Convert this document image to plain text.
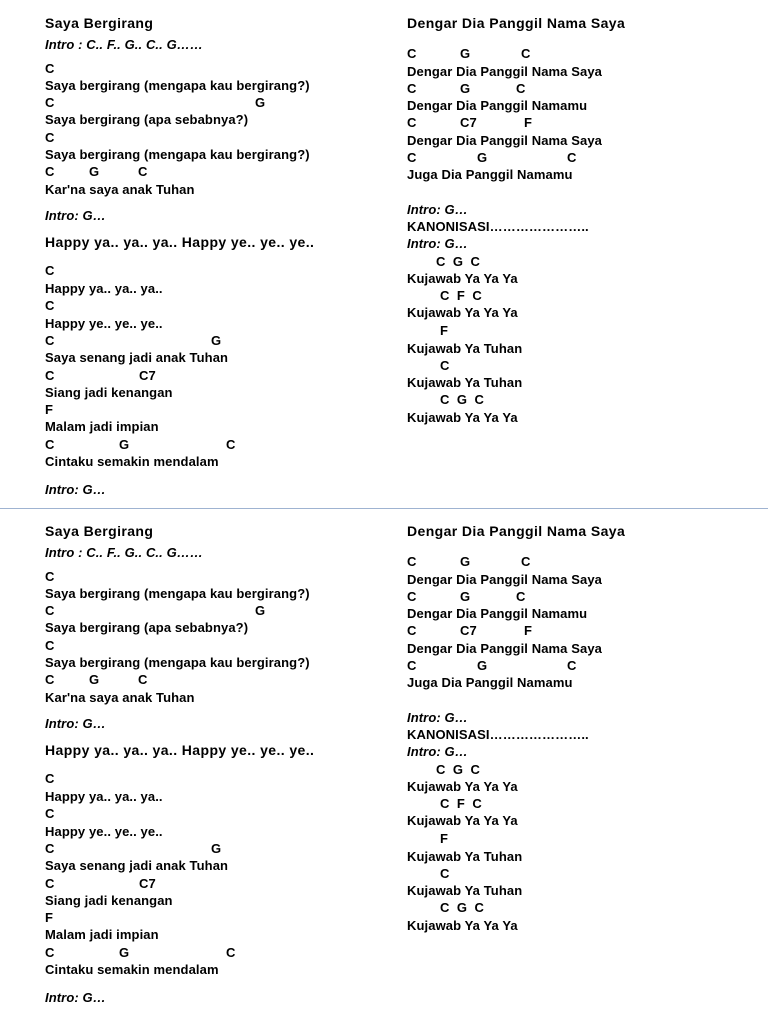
Saya Bergirang
Intro : C.. F.. G.. C.. G……
C
Saya bergirang (mengapa kau bergirang?)
C	G
Saya bergirang (apa sebabnya?)
C
Saya bergirang (mengapa kau bergirang?)
C	G	C
Kar'na saya anak Tuhan
Intro: G…
Happy ya.. ya.. ya.. Happy ye.. ye.. ye..
C
Happy ya.. ya.. ya..
C
Happy ye.. ye.. ye..
C	G
Saya senang jadi anak Tuhan
C	C7
Siang jadi kenangan
F
Malam jadi impian
C	G	C
Cintaku semakin mendalam
Intro: G…
Dengar Dia Panggil Nama Saya
C	G	C
Dengar Dia Panggil Nama Saya
C	G	C
Dengar Dia Panggil Namamu
C	C7	F
Dengar Dia Panggil Nama Saya
C	G	C
Juga Dia Panggil Namamu
Intro: G…
KANONISASI…………………..
Intro: G…
C  G  C
Kujawab Ya Ya Ya
C  F  C
Kujawab Ya Ya Ya
F
Kujawab Ya Tuhan
C
Kujawab Ya Tuhan
C  G  C
Kujawab Ya Ya Ya
Saya Bergirang
Intro : C.. F.. G.. C.. G……
C
Saya bergirang (mengapa kau bergirang?)
C	G
Saya bergirang (apa sebabnya?)
C
Saya bergirang (mengapa kau bergirang?)
C	G	C
Kar'na saya anak Tuhan
Intro: G…
Happy ya.. ya.. ya.. Happy ye.. ye.. ye..
C
Happy ya.. ya.. ya..
C
Happy ye.. ye.. ye..
C	G
Saya senang jadi anak Tuhan
C	C7
Siang jadi kenangan
F
Malam jadi impian
C	G	C
Cintaku semakin mendalam
Intro: G…
Dengar Dia Panggil Nama Saya
C	G	C
Dengar Dia Panggil Nama Saya
C	G	C
Dengar Dia Panggil Namamu
C	C7	F
Dengar Dia Panggil Nama Saya
C	G	C
Juga Dia Panggil Namamu
Intro: G…
KANONISASI…………………..
Intro: G…
C  G  C
Kujawab Ya Ya Ya
C  F  C
Kujawab Ya Ya Ya
F
Kujawab Ya Tuhan
C
Kujawab Ya Tuhan
C  G  C
Kujawab Ya Ya Ya
